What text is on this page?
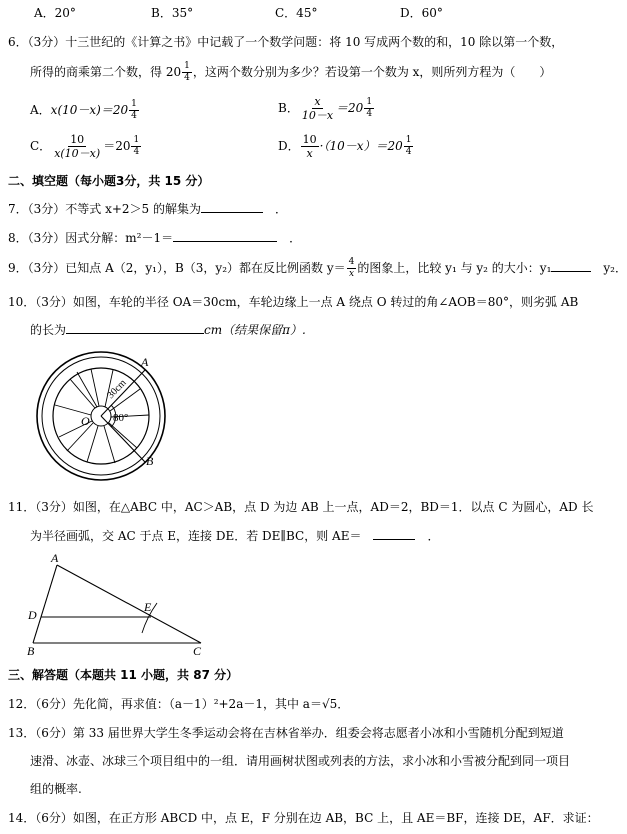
A．20°	B．35°	C．45°	D．60°
6．（3分）十三世纪的《计算之书》中记载了一个数学问题：将 10 写成两个数的和，10 除以第一个数，
所得的商乘第二个数，得 $20 \frac{1}{4}$ ，这两个数分别为多少？若设第一个数为 x，则所列方程为（　　）
A．$x(10-x)=20 \frac{1}{4}$	B． $\frac{x}{10-x} =20 \frac{1}{4}$
C． $\frac{10}{x(10-x)} =20 \frac{1}{4}$	D． $\frac{10}{x} \cdot(10-x)=20 \frac{1}{4}$
二、填空题（每小题3分，共 15 分）
7．（3分）不等式 x+2＞5 的解集为　	．
8．（3分）因式分解：m²－1＝　	．
9．（3分）已知点 A（2，y₁），B（3，y₂）都在反比例函数 $y= \frac{4}{x}$ 的图象上，比较 y₁ 与 y₂ 的大小：y₁　	y₂．
10．（3分）如图，车轮的半径 OA＝30cm，车轮边缘上一点 A 绕点 O 转过的角∠AOB＝80°，则劣弧 AB
的长为	cm（结果保留π）.
A
B
O 80°
30cm
11．（3分）如图，在△ABC 中，AC＞AB，点 D 为边 AB 上一点，AD＝2，BD＝1．以点 C 为圆心，AD 长
为半径画弧，交 AC 于点 E，连接 DE．若 DE∥BC，则 AE＝　　	．
A
B	C
D
E
三、解答题（本题共 11 小题，共 87 分）
12．（6分）先化简，再求值：（a－1）²+2a－1，其中 a＝√5．
13．（6分）第 33 届世界大学生冬季运动会将在吉林省举办．组委会将志愿者小冰和小雪随机分配到短道
速滑、冰壶、冰球三个项目组中的一组．请用画树状图或列表的方法，求小冰和小雪被分配到同一项目
组的概率.
14．（6分）如图，在正方形 ABCD 中，点 E，F 分别在边 AB，BC 上，且 AE＝BF，连接 DE，AF．求证：
